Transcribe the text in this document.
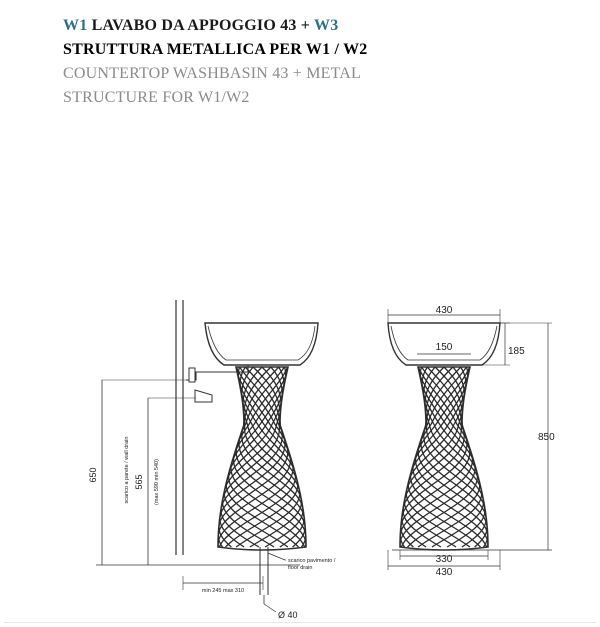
W1 LAVABO DA APPOGGIO 43 + W3
STRUTTURA METALLICA PER W1 / W2
COUNTERTOP WASHBASIN 43 + METAL
STRUCTURE FOR W1/W2
650	scarico a parete / wall drain 565 (max 590 min 540)
scarico pavimento / floor drain
min 245 max 310
Ø 40
430
150	185
850
330
430
